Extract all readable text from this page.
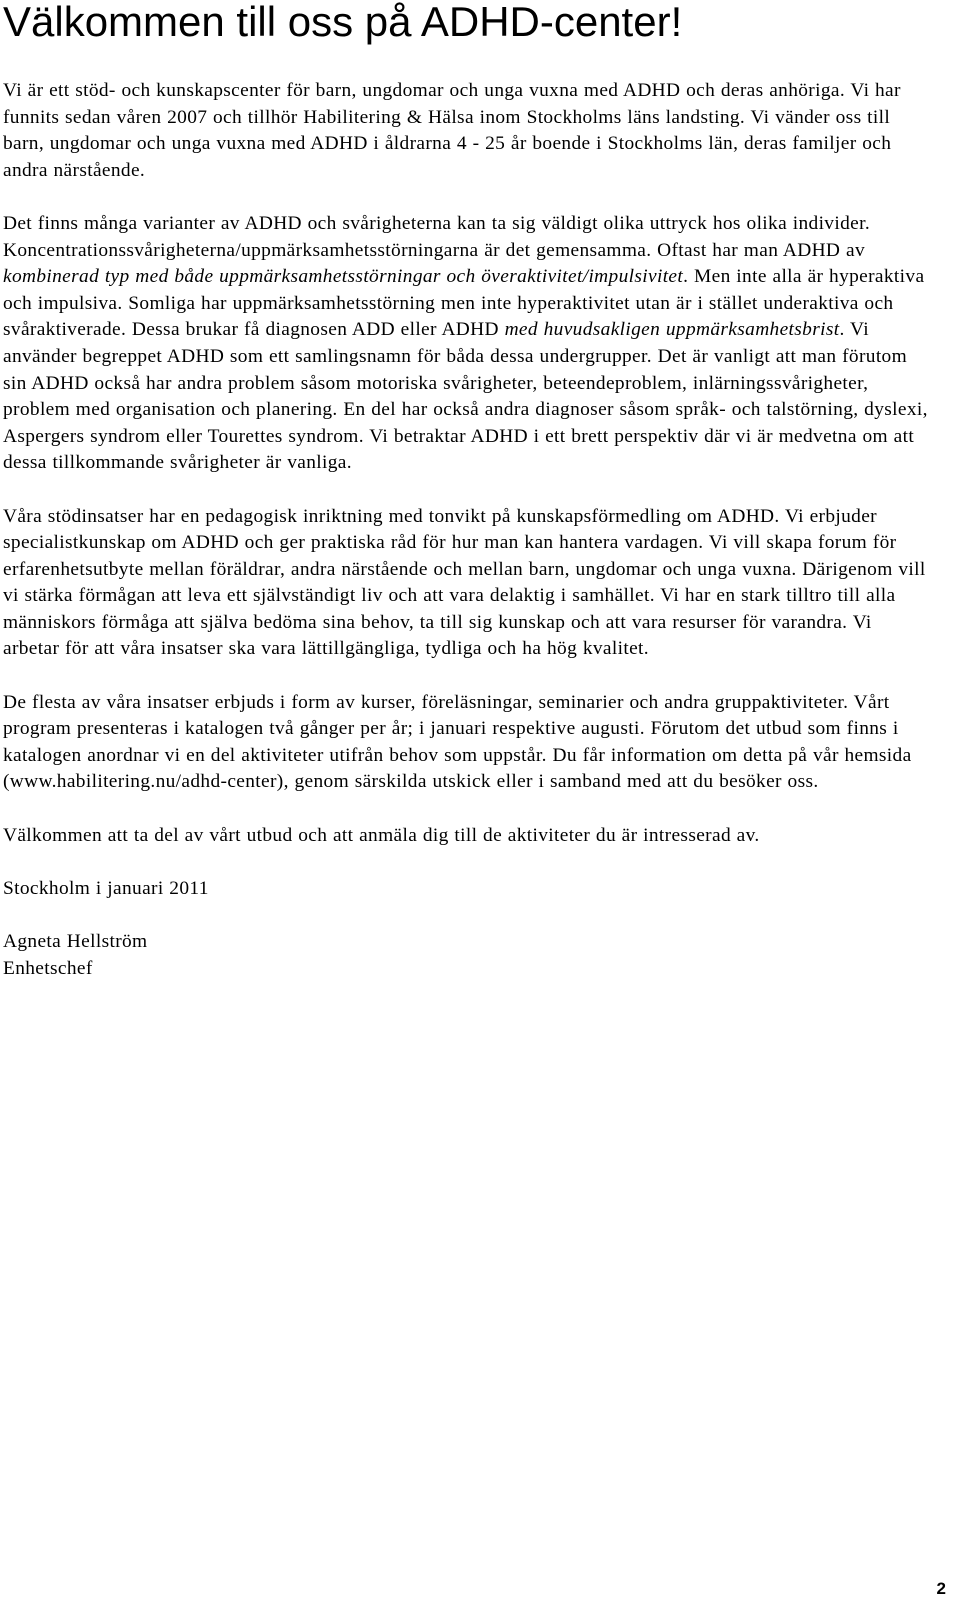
Välkommen till oss på ADHD-center!

Vi är ett stöd- och kunskapscenter för barn, ungdomar och unga vuxna med ADHD och deras anhöriga. Vi har funnits sedan våren 2007 och tillhör Habilitering & Hälsa inom Stockholms läns landsting. Vi vänder oss till barn, ungdomar och unga vuxna med ADHD i åldrarna 4 - 25 år boende i Stockholms län, deras familjer och andra närstående.

Det finns många varianter av ADHD och svårigheterna kan ta sig väldigt olika uttryck hos olika individer. Koncentrationssvårigheterna/uppmärksamhetsstörningarna är det gemensamma. Oftast har man ADHD av kombinerad typ med både uppmärksamhetsstörningar och överaktivitet/impulsivitet. Men inte alla är hyperaktiva och impulsiva. Somliga har uppmärksamhetsstörning men inte hyperaktivitet utan är i stället underaktiva och svåraktiverade. Dessa brukar få diagnosen ADD eller ADHD med huvudsakligen uppmärksamhetsbrist. Vi använder begreppet ADHD som ett samlingsnamn för båda dessa undergrupper. Det är vanligt att man förutom sin ADHD också har andra problem såsom motoriska svårigheter, beteendeproblem, inlärningssvårigheter, problem med organisation och planering. En del har också andra diagnoser såsom språk- och talstörning, dyslexi, Aspergers syndrom eller Tourettes syndrom. Vi betraktar ADHD i ett brett perspektiv där vi är medvetna om att dessa tillkommande svårigheter är vanliga.

Våra stödinsatser har en pedagogisk inriktning med tonvikt på kunskapsförmedling om ADHD. Vi erbjuder specialistkunskap om ADHD och ger praktiska råd för hur man kan hantera vardagen. Vi vill skapa forum för erfarenhetsutbyte mellan föräldrar, andra närstående och mellan barn, ungdomar och unga vuxna. Därigenom vill vi stärka förmågan att leva ett självständigt liv och att vara delaktig i samhället. Vi har en stark tilltro till alla människors förmåga att själva bedöma sina behov, ta till sig kunskap och att vara resurser för varandra. Vi arbetar för att våra insatser ska vara lättillgängliga, tydliga och ha hög kvalitet.

De flesta av våra insatser erbjuds i form av kurser, föreläsningar, seminarier och andra gruppaktiviteter. Vårt program presenteras i katalogen två gånger per år; i januari respektive augusti. Förutom det utbud som finns i katalogen anordnar vi en del aktiviteter utifrån behov som uppstår. Du får information om detta på vår hemsida (www.habilitering.nu/adhd-center), genom särskilda utskick eller i samband med att du besöker oss.

Välkommen att ta del av vårt utbud och att anmäla dig till de aktiviteter du är intresserad av.

Stockholm i januari 2011

Agneta Hellström

Enhetschef

2
